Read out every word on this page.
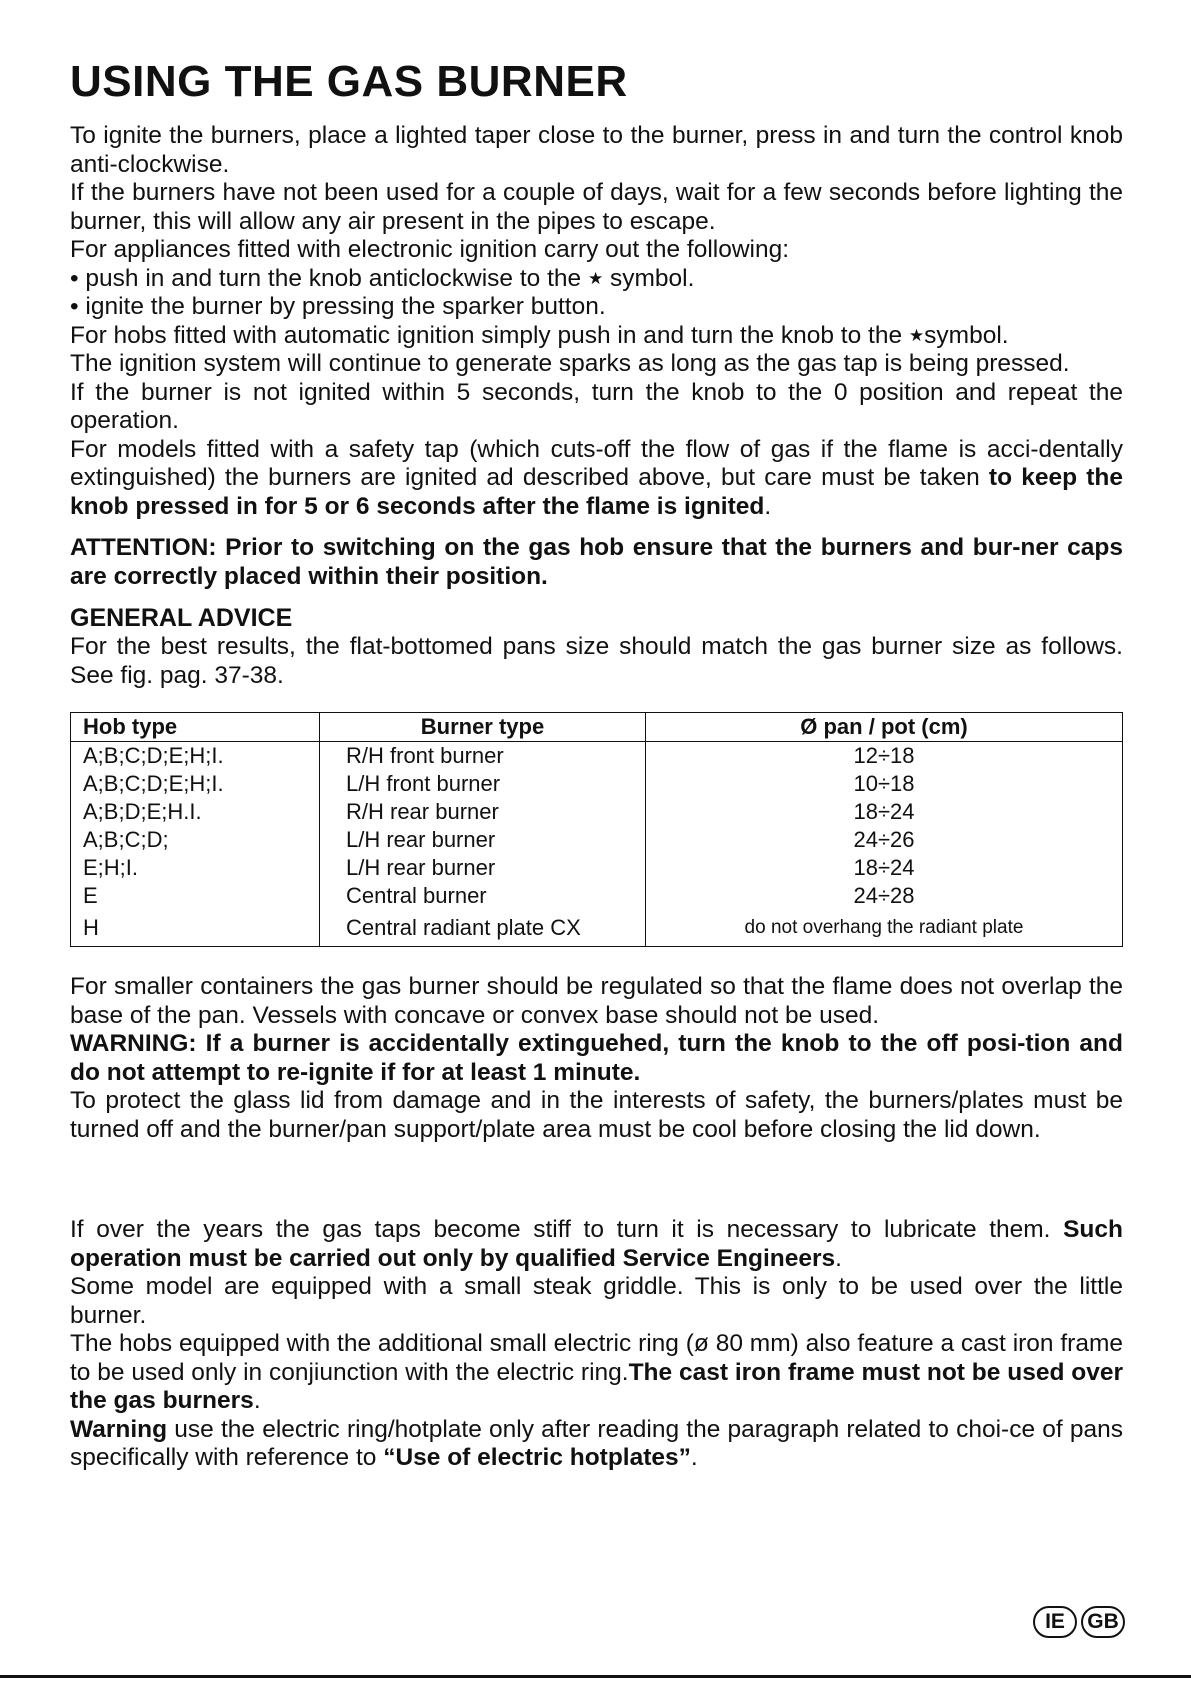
USING THE GAS BURNER

To ignite the burners, place a lighted taper close to the burner, press in and turn the control knob anti-clockwise.

If the burners have not been used for a couple of days, wait for a few seconds before lighting the burner, this will allow any air present in the pipes to escape.

For appliances fitted with electronic ignition carry out the following:

• push in and turn the knob anticlockwise to the ★ symbol.

• ignite the burner by pressing the sparker button.

For hobs fitted with automatic ignition simply push in and turn the knob to the ★symbol.

The ignition system will continue to generate sparks as long as the gas tap is being pressed.

If the burner is not ignited within 5 seconds, turn the knob to the 0 position and repeat the operation.

For models fitted with a safety tap (which cuts-off the flow of gas if the flame is acci-dentally extinguished) the burners are ignited ad described above, but care must be taken to keep the knob pressed in for 5 or 6 seconds after the flame is ignited.

ATTENTION: Prior to switching on the gas hob ensure that the burners and bur-ner caps are correctly placed within their position.

GENERAL ADVICE

For the best results, the flat-bottomed pans size should match the gas burner size as follows. See fig. pag. 37-38.

Hob type	Burner type	Ø pan / pot (cm)
A;B;C;D;E;H;I.	R/H front burner	12÷18
A;B;C;D;E;H;I.	L/H front burner	10÷18
A;B;D;E;H.I.	R/H rear burner	18÷24
A;B;C;D;	L/H rear burner	24÷26
E;H;I.	L/H rear burner	18÷24
E	Central burner	24÷28
H	Central radiant plate CX	do not overhang the radiant plate

For smaller containers the gas burner should be regulated so that the flame does not overlap the base of the pan. Vessels with concave or convex base should not be used.

WARNING: If a burner is accidentally extinguehed, turn the knob to the off posi-tion and do not attempt to re-ignite if for at least 1 minute.

To protect the glass lid from damage and in the interests of safety, the burners/plates must be turned off and the burner/pan support/plate area must be cool before closing the lid down.

If over the years the gas taps become stiff to turn it is necessary to lubricate them. Such operation must be carried out only by qualified Service Engineers.

Some model are equipped with a small steak griddle. This is only to be used over the little burner.

The hobs equipped with the additional small electric ring (ø 80 mm) also feature a cast iron frame to be used only in conjiunction with the electric ring.The cast iron frame must not be used over the gas burners.

Warning use the electric ring/hotplate only after reading the paragraph related to choi-ce of pans specifically with reference to “Use of electric hotplates”.

IE	GB
